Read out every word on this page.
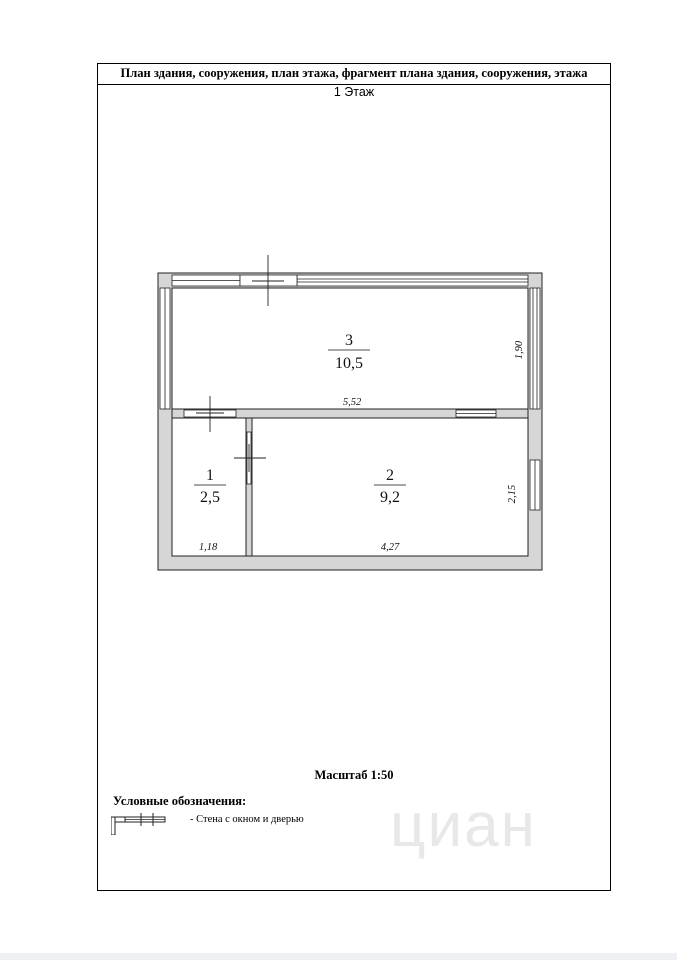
План здания, сооружения, план этажа, фрагмент плана здания, сооружения, этажа
1 Этаж
Масштаб 1:50
Условные обозначения:
- Стена с окном и дверью циан
3
10,5
5,52
1,90
1
2,5
1,18
2
9,2
4,27
2,15
